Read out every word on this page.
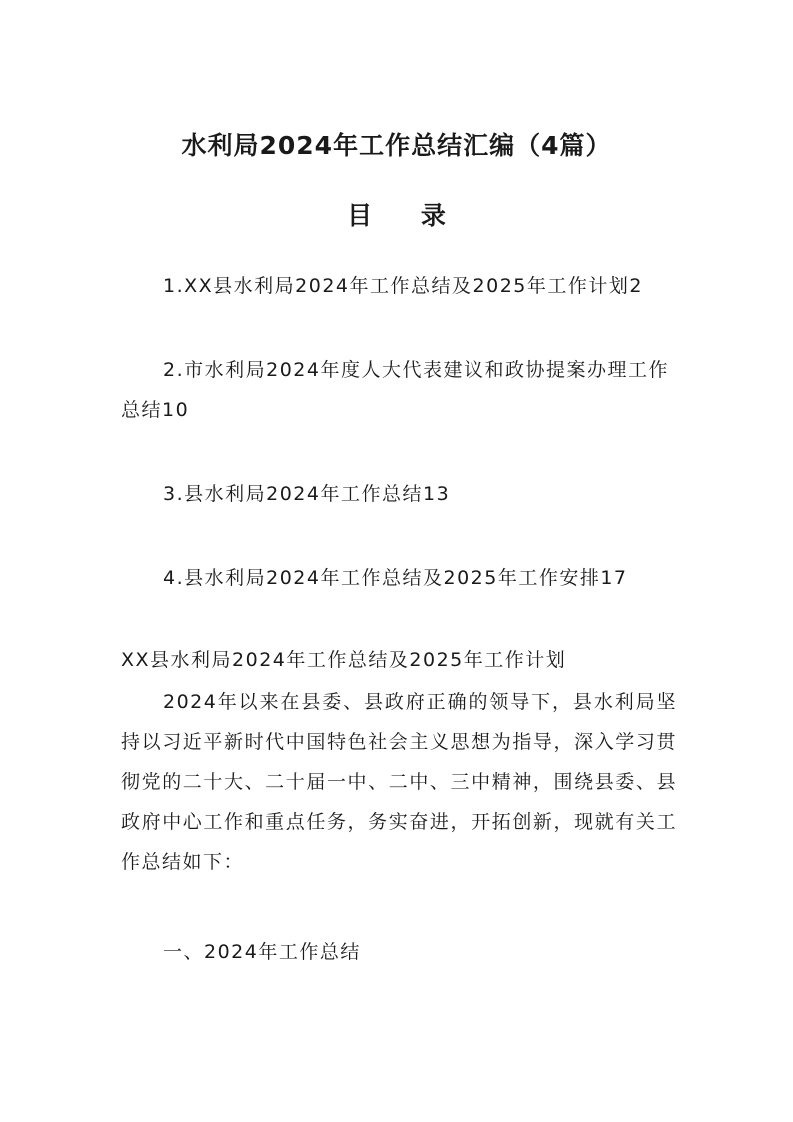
水利局2024年工作总结汇编（4篇）
目 录

1.XX县水利局2024年工作总结及2025年工作计划2

2.市水利局2024年度人大代表建议和政协提案办理工作总结10

3.县水利局2024年工作总结13

4.县水利局2024年工作总结及2025年工作安排17

XX县水利局2024年工作总结及2025年工作计划

2024年以来在县委、县政府正确的领导下，县水利局坚持以习近平新时代中国特色社会主义思想为指导，深入学习贯彻党的二十大、二十届一中、二中、三中精神，围绕县委、县政府中心工作和重点任务，务实奋进，开拓创新，现就有关工作总结如下：

一、2024年工作总结
